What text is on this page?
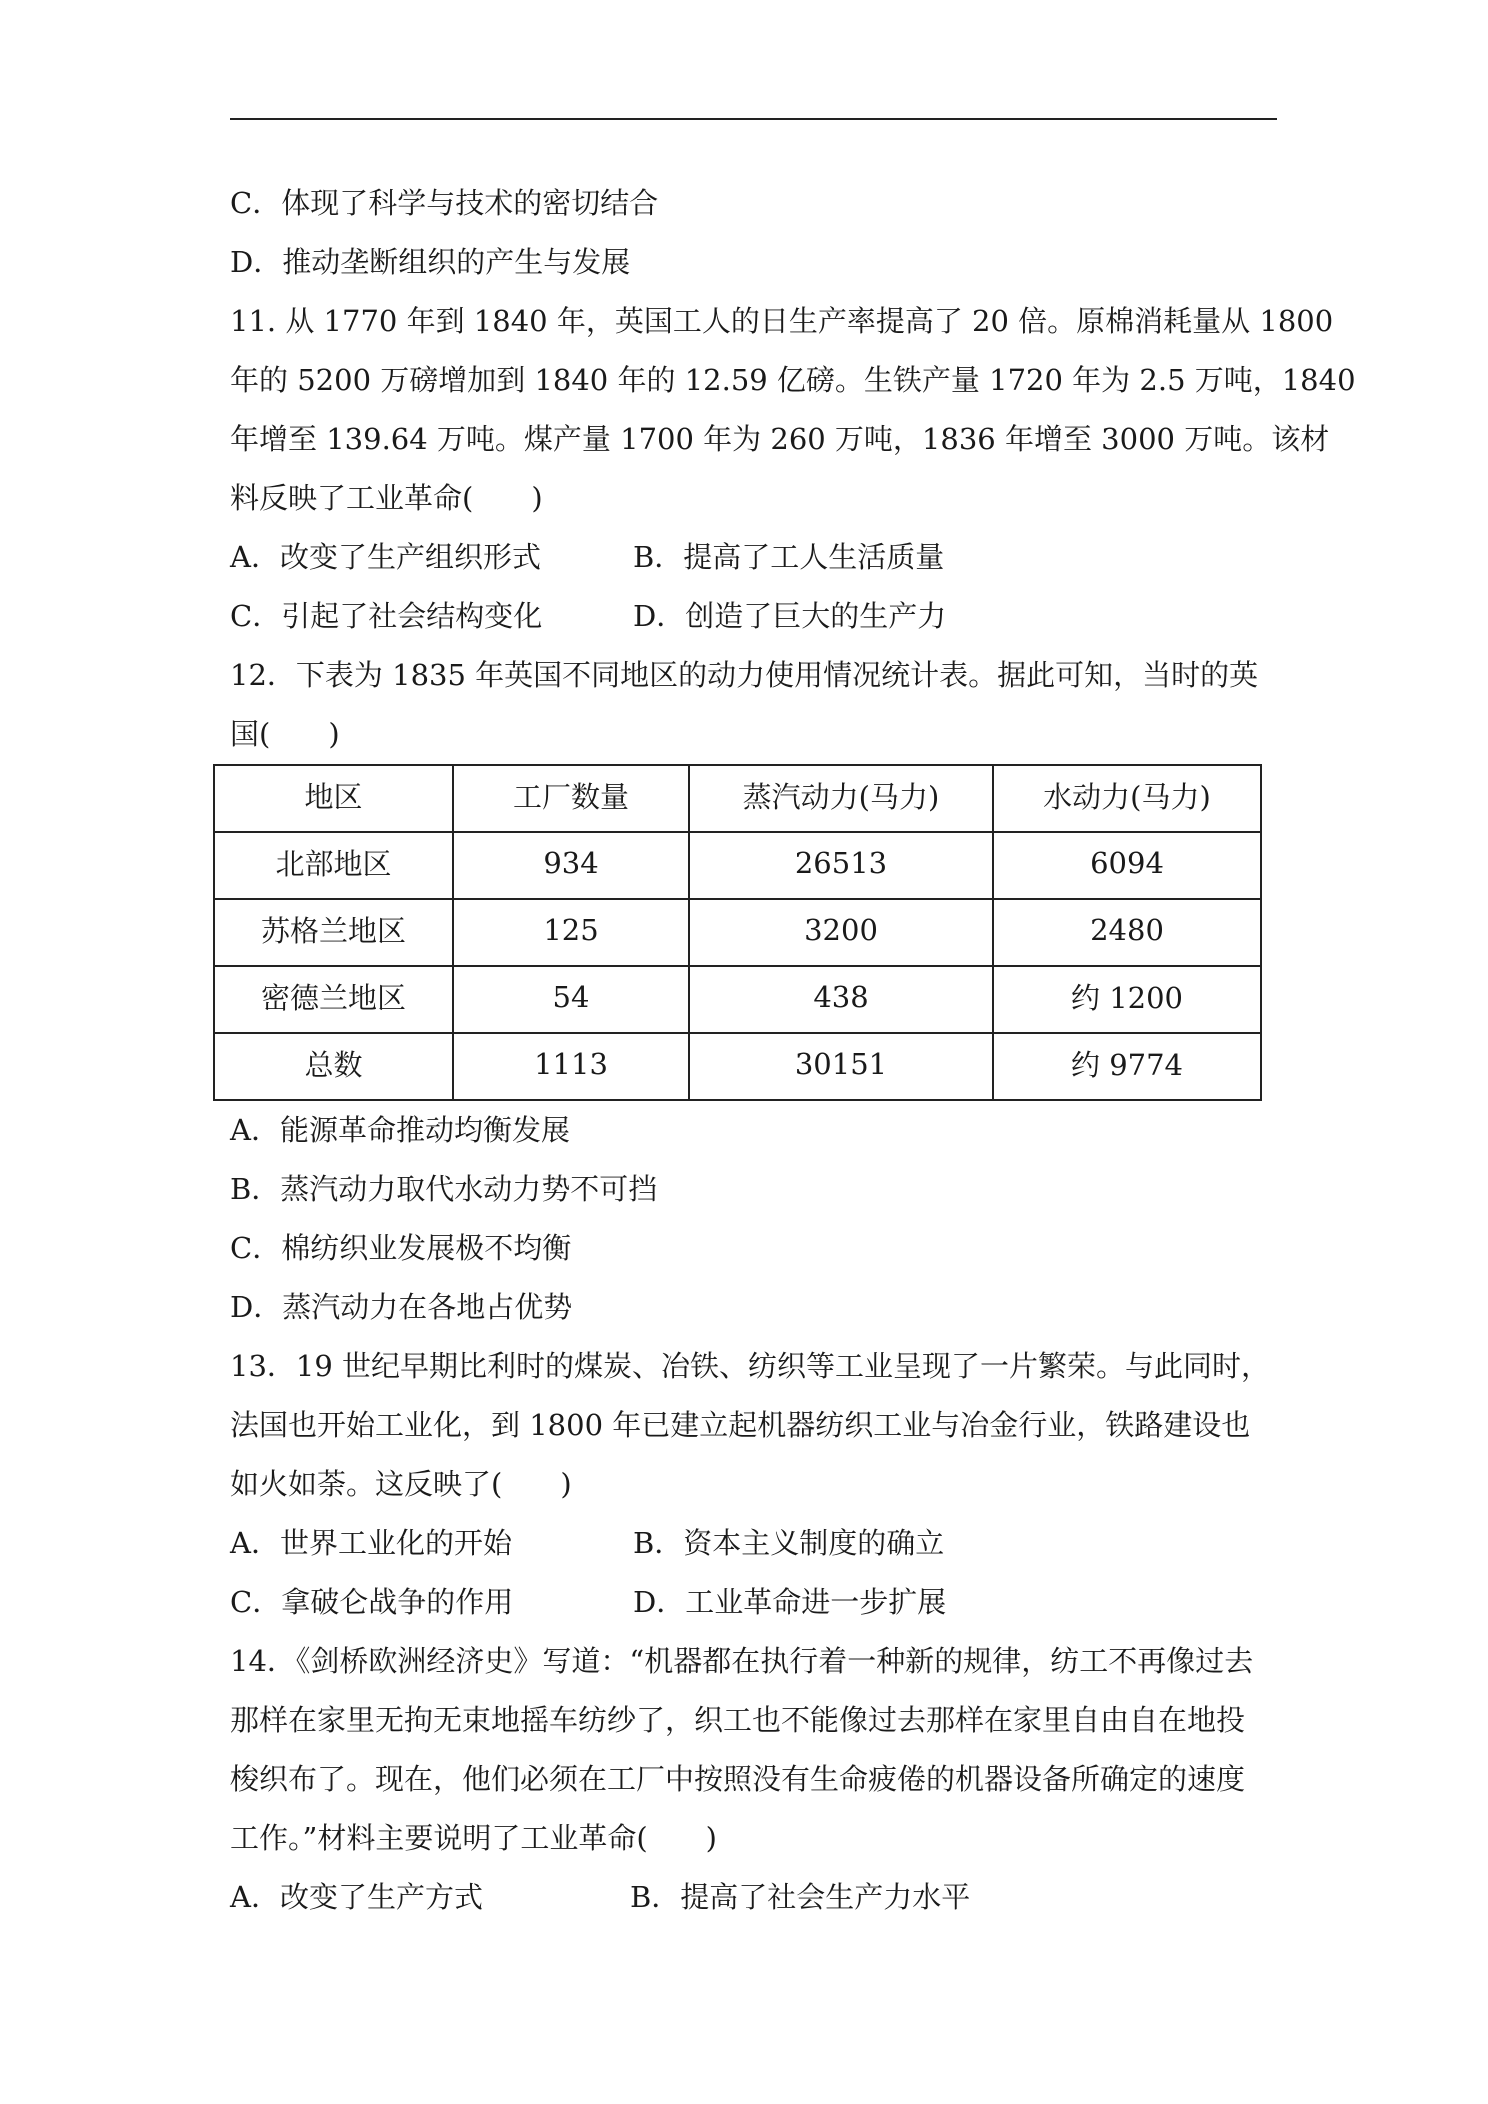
C．体现了科学与技术的密切结合
D．推动垄断组织的产生与发展
11. 从 1770 年到 1840 年，英国工人的日生产率提高了 20 倍。原棉消耗量从 1800
年的 5200 万磅增加到 1840 年的 12.59 亿磅。生铁产量 1720 年为 2.5 万吨，1840
年增至 139.64 万吨。煤产量 1700 年为 260 万吨，1836 年增至 3000 万吨。该材
料反映了工业革命(　　)
A．改变了生产组织形式	B．提高了工人生活质量
C．引起了社会结构变化	D．创造了巨大的生产力
12．下表为 1835 年英国不同地区的动力使用情况统计表。据此可知，当时的英
国(　　)
地区	工厂数量	蒸汽动力(马力)	水动力(马力)
北部地区	934	26513	6094
苏格兰地区	125	3200	2480
密德兰地区	54	438	约 1200
总数	1113	30151	约 9774
A．能源革命推动均衡发展
B．蒸汽动力取代水动力势不可挡
C．棉纺织业发展极不均衡
D．蒸汽动力在各地占优势
13．19 世纪早期比利时的煤炭、冶铁、纺织等工业呈现了一片繁荣。与此同时，
法国也开始工业化，到 1800 年已建立起机器纺织工业与冶金行业，铁路建设也
如火如荼。这反映了(　　)
A．世界工业化的开始	B．资本主义制度的确立
C．拿破仑战争的作用	D．工业革命进一步扩展
14．《剑桥欧洲经济史》写道：“机器都在执行着一种新的规律，纺工不再像过去
那样在家里无拘无束地摇车纺纱了，织工也不能像过去那样在家里自由自在地投
梭织布了。现在，他们必须在工厂中按照没有生命疲倦的机器设备所确定的速度
工作。”材料主要说明了工业革命(　　)
A．改变了生产方式	B．提高了社会生产力水平
